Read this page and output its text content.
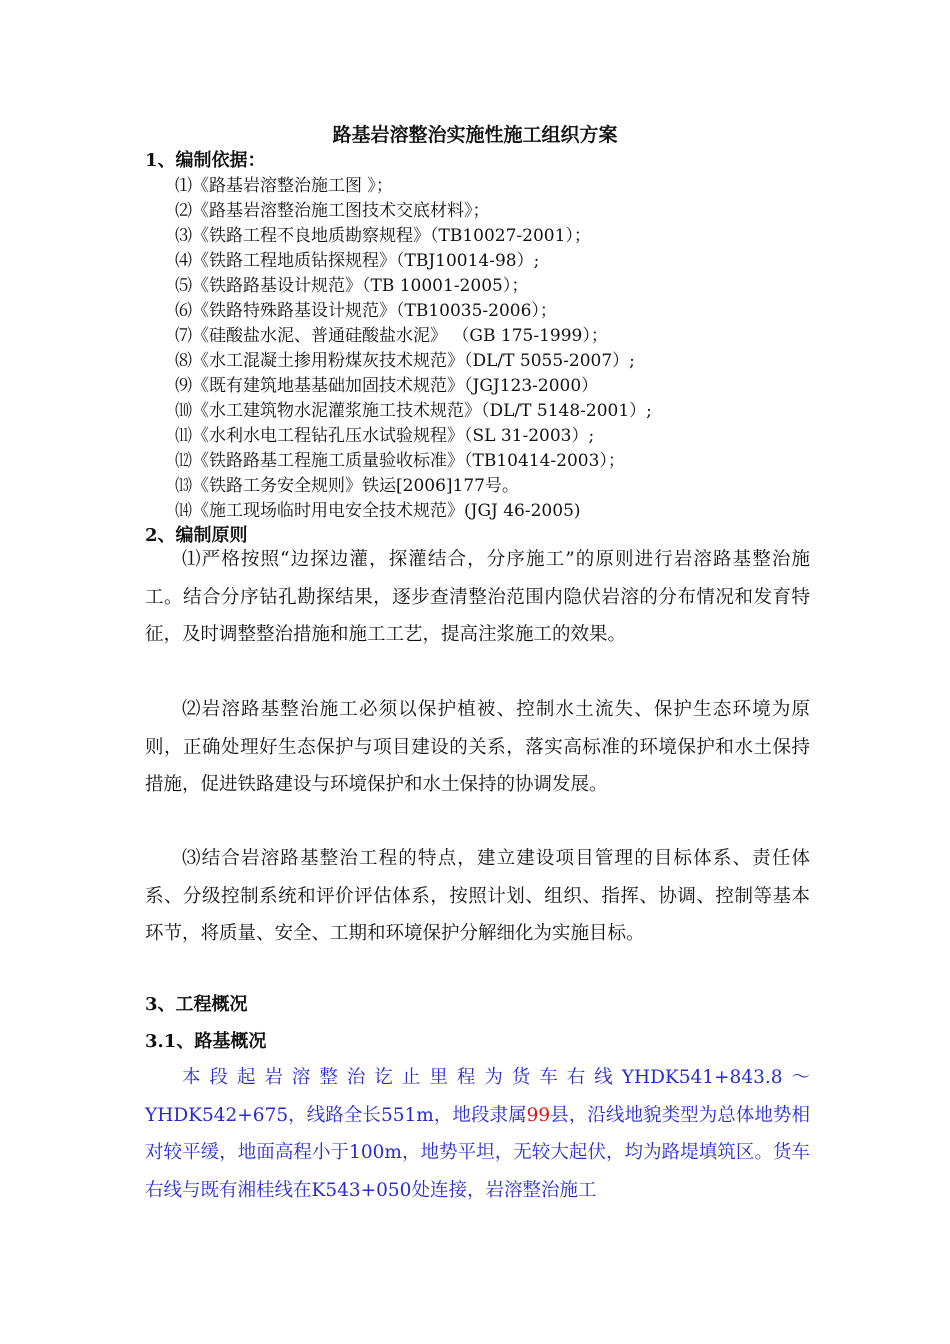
路基岩溶整治实施性施工组织方案
1、编制依据：
⑴《路基岩溶整治施工图 》；
⑵《路基岩溶整治施工图技术交底材料》；
⑶《铁路工程不良地质勘察规程》（TB10027-2001）；
⑷《铁路工程地质钻探规程》（TBJ10014-98）;
⑸《铁路路基设计规范》（TB 10001-2005）；
⑹《铁路特殊路基设计规范》（TB10035-2006）；
⑺《硅酸盐水泥、普通硅酸盐水泥》 （GB 175-1999）；
⑻《水工混凝土掺用粉煤灰技术规范》（DL/T 5055-2007）;
⑼《既有建筑地基基础加固技术规范》（JGJ123-2000）
⑽《水工建筑物水泥灌浆施工技术规范》（DL/T 5148-2001）;
⑾《水利水电工程钻孔压水试验规程》（SL 31-2003）;
⑿《铁路路基工程施工质量验收标准》（TB10414-2003）；
⒀《铁路工务安全规则》铁运[2006]177号。
⒁《施工现场临时用电安全技术规范》(JGJ 46-2005)
2、编制原则

⑴严格按照“边探边灌，探灌结合，分序施工”的原则进行岩溶路基整治施工。结合分序钻孔勘探结果，逐步查清整治范围内隐伏岩溶的分布情况和发育特征，及时调整整治措施和施工工艺，提高注浆施工的效果。

⑵岩溶路基整治施工必须以保护植被、控制水土流失、保护生态环境为原则，正确处理好生态保护与项目建设的关系，落实高标准的环境保护和水土保持措施，促进铁路建设与环境保护和水土保持的协调发展。

⑶结合岩溶路基整治工程的特点，建立建设项目管理的目标体系、责任体系、分级控制系统和评价评估体系，按照计划、组织、指挥、协调、控制等基本环节，将质量、安全、工期和环境保护分解细化为实施目标。

3、工程概况
3.1、路基概况

本段起岩溶整治讫止里程为货车右线YHDK541+843.8～YHDK542+675，线路全长551m，地段隶属99县，沿线地貌类型为总体地势相对较平缓，地面高程小于100m，地势平坦，无较大起伏，均为路堤填筑区。货车右线与既有湘桂线在K543+050处连接，岩溶整治施工
